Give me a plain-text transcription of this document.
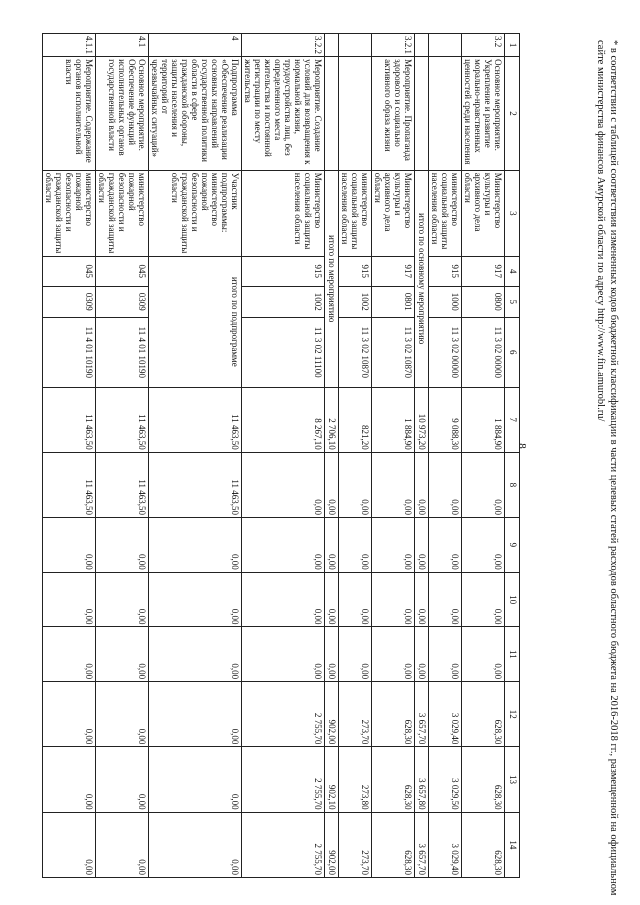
8
1	2	3	4	5	6	7	8	9	10	11	12	13	14
3.2	Основное мероприятие. Укрепление и развитие морально-нравственных ценностей среди населения	Министерство культуры и архивного дела области	917	0800	11 3 02 00000	1 884,90	0,00	0,00	0,00	0,00	628,30	628,30	628,30
		министерство социальной защиты населения области	915	1000	11 3 02 00000	9 088,30	0,00	0,00	0,00	0,00	3 029,40	3 029,50	3 029,40
		итого по основному мероприятию				10 973,20	0,00	0,00	0,00	0,00	3 657,70	3 657,80	3 657,70
3.2.1	Мероприятие. Пропаганда здорового и социально активного образа жизни	Министерство культуры и архивного дела области	917	0801	11 3 02 10870	1 884,90	0,00	0,00	0,00	0,00	628,30	628,30	628,30
		министерство социальной защиты населения области	915	1002	11 3 02 10870	821,20	0,00	0,00	0,00	0,00	273,70	273,80	273,70
		итого по мероприятию				2 706,10	0,00	0,00	0,00	0,00	902,00	902,10	902,00
3.2.2	Мероприятие. Создание условий для возвращения к нормальной жизни, трудоустройства лиц, без определенного места жительства и постоянной регистрации по месту жительства	Министерство социальной защиты населения области	915	1002	11 3 02 11100	8 267,10	0,00	0,00	0,00	0,00	2 755,70	2 755,70	2 755,70
4	Подпрограмма «Обеспечение реализации основных направлений государственной политики области в сфере гражданской обороны, защиты населения и территорий от чрезвычайных ситуаций»	Участник подпрограммы: министерство пожарной безопасности и гражданской защиты области	итого по подпрограмме			11 463,50	11 463,50	0,00	0,00	0,00	0,00	0,00	0,00
4.1	Основное мероприятие. Обеспечение функций исполнительных органов государственной власти	министерство пожарной безопасности и гражданской защиты области	045	0309	11 4 01 10190	11 463,50	11 463,50	0,00	0,00	0,00	0,00	0,00	0,00
4.1.1	Мероприятие. Содержание органов исполнительной власти	министерство пожарной безопасности и гражданской защиты области	045	0309	11 4 01 10190	11 463,50	11 463,50	0,00	0,00	0,00	0,00	0,00	0,00	* в соответствии с таблицей соответствия измененных кодов бюджетной классификации в части целевых статей расходов областного бюджета на 2016-2018 гг., размещенной на официальном сайте министерства финансов Амурской области по адресу http://www.fin.amurobl.ru/
